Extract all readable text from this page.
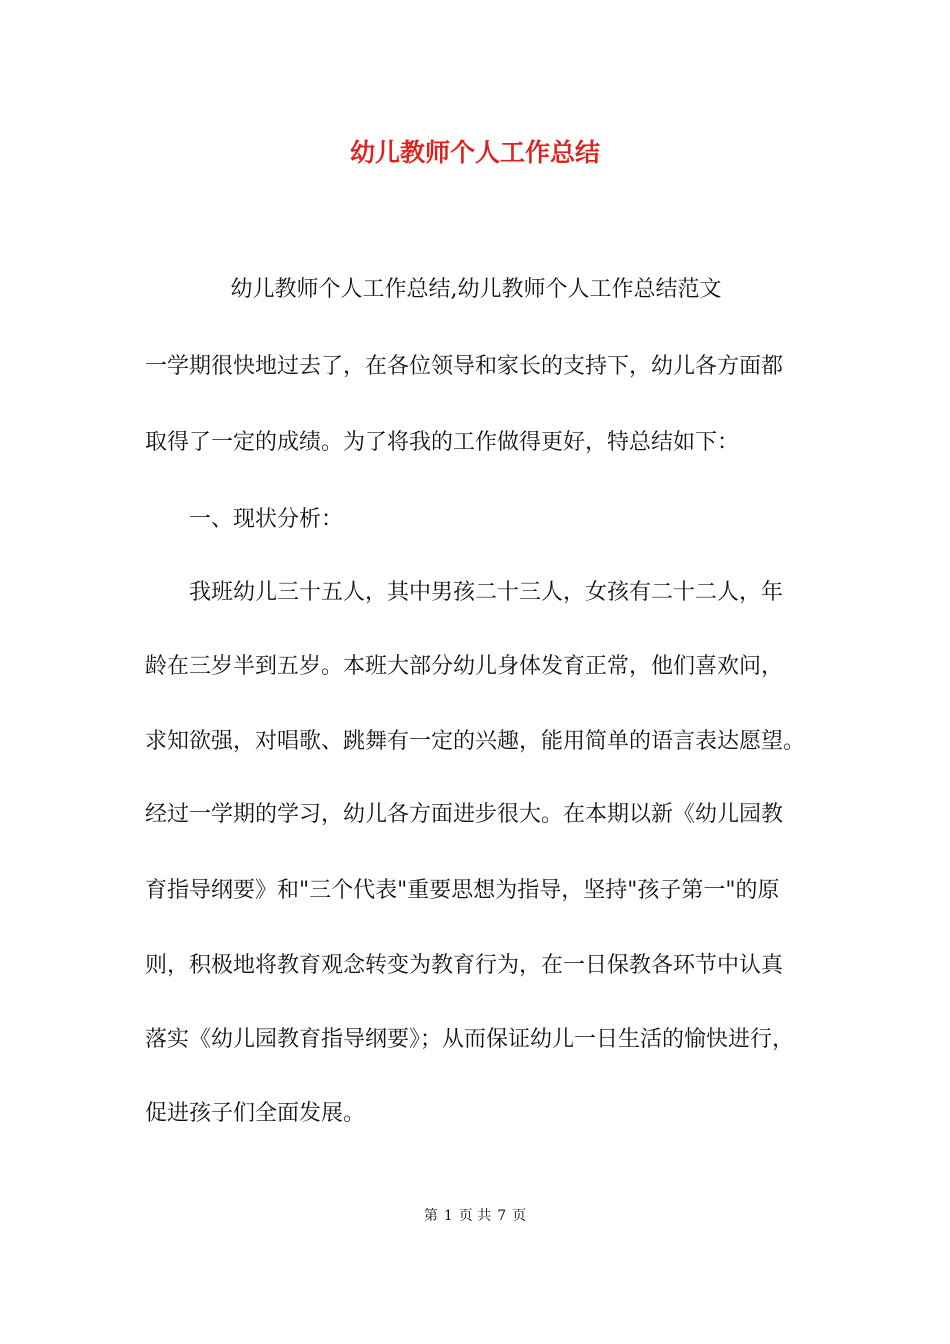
幼儿教师个人工作总结
幼儿教师个人工作总结,幼儿教师个人工作总结范文
一学期很快地过去了，在各位领导和家长的支持下，幼儿各方面都
取得了一定的成绩。为了将我的工作做得更好，特总结如下：
一、现状分析：
我班幼儿三十五人，其中男孩二十三人，女孩有二十二人，年
龄在三岁半到五岁。本班大部分幼儿身体发育正常，他们喜欢问，
求知欲强，对唱歌、跳舞有一定的兴趣，能用简单的语言表达愿望。
经过一学期的学习，幼儿各方面进步很大。在本期以新《幼儿园教
育指导纲要》和"三个代表"重要思想为指导，坚持"孩子第一"的原
则，积极地将教育观念转变为教育行为，在一日保教各环节中认真
落实《幼儿园教育指导纲要》；从而保证幼儿一日生活的愉快进行，
促进孩子们全面发展。
第 1 页 共 7 页
